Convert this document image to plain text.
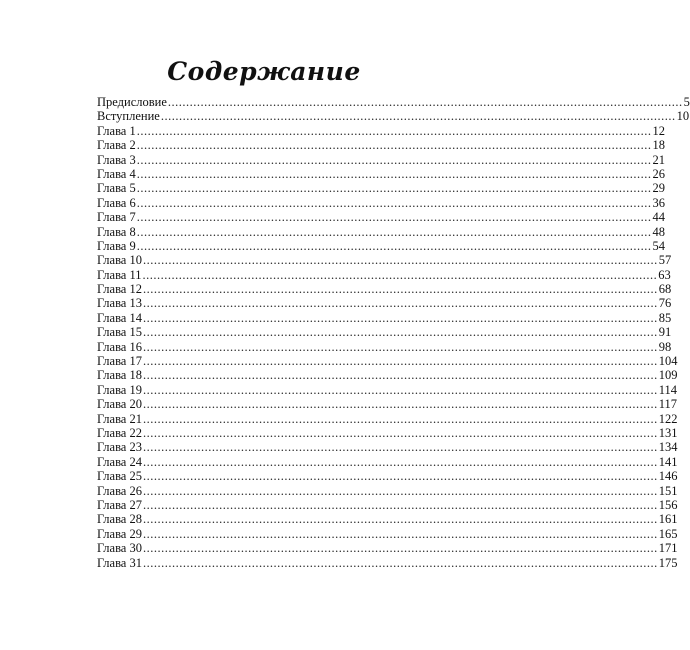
Содержание
Предисловие .............................................................................................................................................. 5
Вступление .............................................................................................................................................. 10
Глава 1 .............................................................................................................................................. 12
Глава 2 .............................................................................................................................................. 18
Глава 3 .............................................................................................................................................. 21
Глава 4 .............................................................................................................................................. 26
Глава 5 .............................................................................................................................................. 29
Глава 6 .............................................................................................................................................. 36
Глава 7 .............................................................................................................................................. 44
Глава 8 .............................................................................................................................................. 48
Глава 9 .............................................................................................................................................. 54
Глава 10 .............................................................................................................................................. 57
Глава 11 .............................................................................................................................................. 63
Глава 12 .............................................................................................................................................. 68
Глава 13 .............................................................................................................................................. 76
Глава 14 .............................................................................................................................................. 85
Глава 15 .............................................................................................................................................. 91
Глава 16 .............................................................................................................................................. 98
Глава 17 .............................................................................................................................................. 104
Глава 18 .............................................................................................................................................. 109
Глава 19 .............................................................................................................................................. 114
Глава 20 .............................................................................................................................................. 117
Глава 21 .............................................................................................................................................. 122
Глава 22 .............................................................................................................................................. 131
Глава 23 .............................................................................................................................................. 134
Глава 24 .............................................................................................................................................. 141
Глава 25 .............................................................................................................................................. 146
Глава 26 .............................................................................................................................................. 151
Глава 27 .............................................................................................................................................. 156
Глава 28 .............................................................................................................................................. 161
Глава 29 .............................................................................................................................................. 165
Глава 30 .............................................................................................................................................. 171
Глава 31 .............................................................................................................................................. 175
